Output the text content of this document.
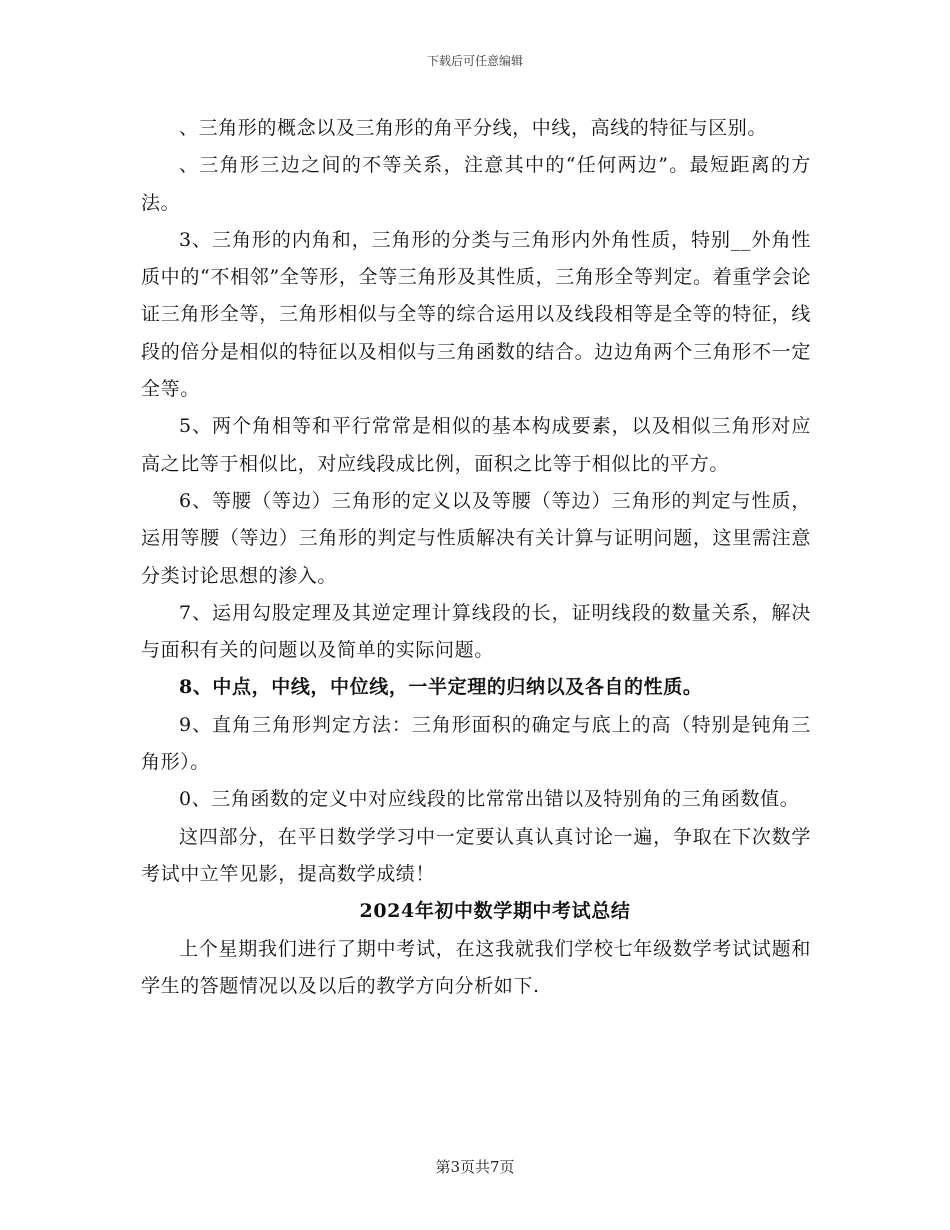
下载后可任意编辑

、三角形的概念以及三角形的角平分线，中线，高线的特征与区别。

、三角形三边之间的不等关系，注意其中的“任何两边”。最短距离的方法。

3、三角形的内角和，三角形的分类与三角形内外角性质，特别__外角性质中的“不相邻”全等形，全等三角形及其性质，三角形全等判定。着重学会论证三角形全等，三角形相似与全等的综合运用以及线段相等是全等的特征，线段的倍分是相似的特征以及相似与三角函数的结合。边边角两个三角形不一定全等。

5、两个角相等和平行常常是相似的基本构成要素，以及相似三角形对应高之比等于相似比，对应线段成比例，面积之比等于相似比的平方。

6、等腰（等边）三角形的定义以及等腰（等边）三角形的判定与性质，运用等腰（等边）三角形的判定与性质解决有关计算与证明问题，这里需注意分类讨论思想的渗入。

7、运用勾股定理及其逆定理计算线段的长，证明线段的数量关系，解决与面积有关的问题以及简单的实际问题。

8、中点，中线，中位线，一半定理的归纳以及各自的性质。

9、直角三角形判定方法：三角形面积的确定与底上的高（特别是钝角三角形）。

0、三角函数的定义中对应线段的比常常出错以及特别角的三角函数值。

这四部分，在平日数学学习中一定要认真认真讨论一遍，争取在下次数学考试中立竿见影，提高数学成绩！

2024年初中数学期中考试总结

上个星期我们进行了期中考试，在这我就我们学校七年级数学考试试题和学生的答题情况以及以后的教学方向分析如下.

第3页共7页
